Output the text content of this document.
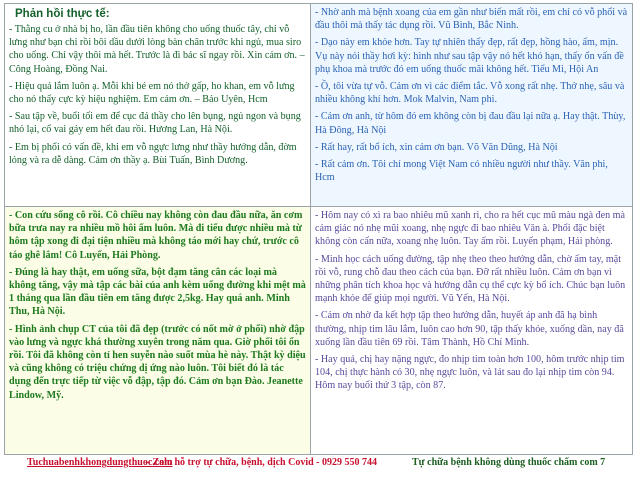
Phản hồi thực tế:

- Thằng cu ở nhà bị ho, lần đầu tiên không cho uống thuốc tây, chỉ vỗ lưng như bạn chỉ rồi bôi dầu dưới lòng bàn chân trước khi ngủ, mua siro cho uống. Chỉ vậy thôi mà hết. Trước là đi bác sĩ ngay rồi. Xin cảm ơn. – Công Hoàng, Đồng Nai.

- Hiệu quả lắm luôn ạ. Mỗi khi bé em nó thở gấp, ho khan, em vỗ lưng cho nó thấy cực kỳ hiệu nghiệm. Em cảm ơn. – Bảo Uyên, Hcm

- Sau tập về, buổi tối em để cục đá thầy cho lên bụng, ngủ ngon và bụng nhỏ lại, cổ vai gáy em hết đau rồi. Hương Lan, Hà Nội.

- Em bị phổi có vấn đề, khi em vỗ ngực lưng như thầy hướng dẫn, đờm lỏng và ra dễ dàng. Cảm ơn thầy ạ. Bùi Tuấn, Bình Dương.

- Nhờ anh mà bệnh xoang của em gần như biến mất rồi, em chỉ có vỗ phổi và đầu thôi mà thấy tác dụng rồi. Vũ Bình, Bắc Ninh.

- Dạo này em khỏe hơn. Tay tự nhiên thấy đẹp, rất đẹp, hồng hào, ấm, mịn. Vụ này nói thầy hơi kỳ: hình như sau tập vậy nó hết khó hạn, thấy ổn vấn đề phụ khoa mà trước đó em uống thuốc mãi không hết. Tiểu Mi, Hội An

- Ồ, tôi vừa tự vỗ. Cảm ơn vì các điểm tắc. Vỗ xong rất nhẹ. Thở nhẹ, sâu và nhiều không khí hơn. Mok Malvin, Nam phi.

- Cảm ơn anh, từ hôm đó em không còn bị đau đầu lại nữa ạ. Hay thật. Thùy, Hà Đông, Hà Nội

- Rất hay, rất bổ ích, xin cảm ơn bạn. Võ Văn Dũng, Hà Nội

- Rất cảm ơn. Tôi chỉ mong Việt Nam có nhiều người như thầy. Văn phi, Hcm

- Con cứu sống cô rồi. Cô chiều nay không còn đau đầu nữa, ăn cơm bữa trưa nay ra nhiều mồ hôi ấm luôn. Mà đi tiểu được nhiều mà từ hôm tập xong đi đại tiện nhiều mà không táo mới hay chứ, trước cô táo ghê lắm! Cô Luyến, Hải Phòng.

- Đúng là hay thật, em uống sữa, bột đạm tăng cân các loại mà không tăng, vậy mà tập các bài của anh kèm uống đường khi mệt mà 1 tháng qua lần đầu tiên em tăng được 2,5kg. Hay quá anh. Minh Thu, Hà Nội.

- Hình ảnh chụp CT của tôi đã đẹp (trước có nốt mờ ở phổi) nhờ đập vào lưng và ngực khá thường xuyên trong năm qua. Giờ phổi tôi ổn rồi. Tôi đã không còn tỉ hen suyễn nào suốt mùa hè này. Thật kỳ diệu và cũng không có triệu chứng dị ứng nào luôn. Tôi biết đó là tác dụng đến trực tiếp từ việc vỗ đập, tập đó. Cảm ơn bạn Đào. Jeanette Lindow, Mỹ.

- Hôm nay có xì ra bao nhiêu mũ xanh rì, cho ra hết cục mũ màu ngà đen mà cảm giác nó nhẹ mũi xoang, nhẹ ngực đi bao nhiêu Văn à. Phổi đặc biệt không còn cấn nữa, xoang nhẹ luôn. Tay ấm rồi. Luyến phạm, Hải phòng.

- Minh học cách uống đường, tập nhẹ theo theo hướng dẫn, chờ ấm tay, mặt rồi vỗ, rung chỗ đau theo cách của bạn. Đỡ rất nhiều luôn. Cảm ơn bạn vì những phân tích khoa học và hướng dẫn cụ thể cực kỳ bổ ích. Chúc bạn luôn mạnh khỏe để giúp mọi người. Vũ Yến, Hà Nội.

- Cảm ơn nhờ đa kết hợp tập theo hướng dẫn, huyết áp anh đã hạ bình thường, nhịp tim lâu lắm, luôn cao hơn 90, tập thấy khỏe, xuống dần, nay đã xuống lần đầu tiên 69 rồi. Tâm Thành, Hồ Chí Minh.

- Hay quá, chị hay nặng ngực, đo nhịp tim toàn hơn 100, hôm trước nhịp tim 104, chị thực hành có 30, nhẹ ngực luôn, và lát sau đo lại nhịp tim còn 94. Hôm nay buổi thứ 3 tập, còn 87.

Tuchuabenhkhongdungthuoc.com
– Zalo hỗ trợ tự chữa, bệnh, dịch Covid - 0929 550 744	Tự chữa bệnh không dùng thuốc chấm com 7
